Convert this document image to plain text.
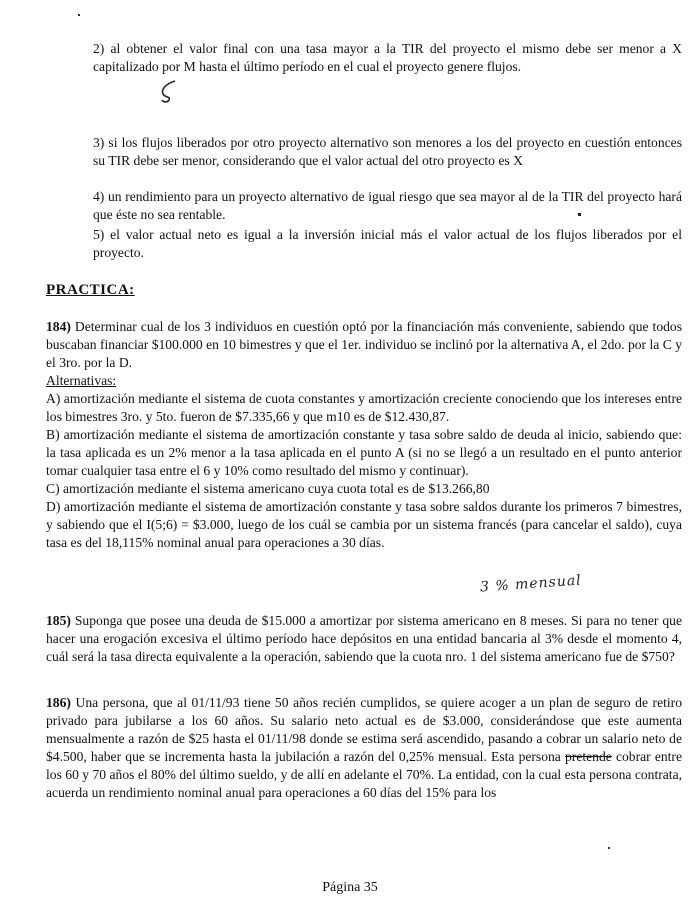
2) al obtener el valor final con una tasa mayor a la TIR del proyecto el mismo debe ser menor a X capitalizado por M hasta el último período en el cual el proyecto genere flujos.

3) si los flujos liberados por otro proyecto alternativo son menores a los del proyecto en cuestión entonces su TIR debe ser menor, considerando que el valor actual del otro proyecto es X

4) un rendimiento para un proyecto alternativo de igual riesgo que sea mayor al de la TIR del proyecto hará que éste no sea rentable.

5) el valor actual neto es igual a la inversión inicial más el valor actual de los flujos liberados por el proyecto.

PRACTICA:

184) Determinar cual de los 3 individuos en cuestión optó por la financiación más conveniente, sabiendo que todos buscaban financiar $100.000 en 10 bimestres y que el 1er. individuo se inclinó por la alternativa A, el 2do. por la C y el 3ro. por la D.

Alternativas:

A) amortización mediante el sistema de cuota constantes y amortización creciente conociendo que los intereses entre los bimestres 3ro. y 5to. fueron de $7.335,66 y que m10 es de $12.430,87.

B) amortización mediante el sistema de amortización constante y tasa sobre saldo de deuda al inicio, sabiendo que: la tasa aplicada es un 2% menor a la tasa aplicada en el punto A (si no se llegó a un resultado en el punto anterior tomar cualquier tasa entre el 6 y 10% como resultado del mismo y continuar).

C) amortización mediante el sistema americano cuya cuota total es de $13.266,80

D) amortización mediante el sistema de amortización constante y tasa sobre saldos durante los primeros 7 bimestres, y sabiendo que el I(5;6) = $3.000, luego de los cuál se cambia por un sistema francés (para cancelar el saldo), cuya tasa es del 18,115% nominal anual para operaciones a 30 días.

3 % mensual

185) Suponga que posee una deuda de $15.000 a amortizar por sistema americano en 8 meses. Si para no tener que hacer una erogación excesiva el último período hace depósitos en una entidad bancaria al 3% desde el momento 4, cuál será la tasa directa equivalente a la operación, sabiendo que la cuota nro. 1 del sistema americano fue de $750?

186) Una persona, que al 01/11/93 tiene 50 años recién cumplidos, se quiere acoger a un plan de seguro de retiro privado para jubilarse a los 60 años. Su salario neto actual es de $3.000, considerándose que este aumenta mensualmente a razón de $25 hasta el 01/11/98 donde se estima será ascendido, pasando a cobrar un salario neto de $4.500, haber que se incrementa hasta la jubilación a razón del 0,25% mensual. Esta persona pretende cobrar entre los 60 y 70 años el 80% del último sueldo, y de allí en adelante el 70%. La entidad, con la cual esta persona contrata, acuerda un rendimiento nominal anual para operaciones a 60 días del 15% para los

Página 35
